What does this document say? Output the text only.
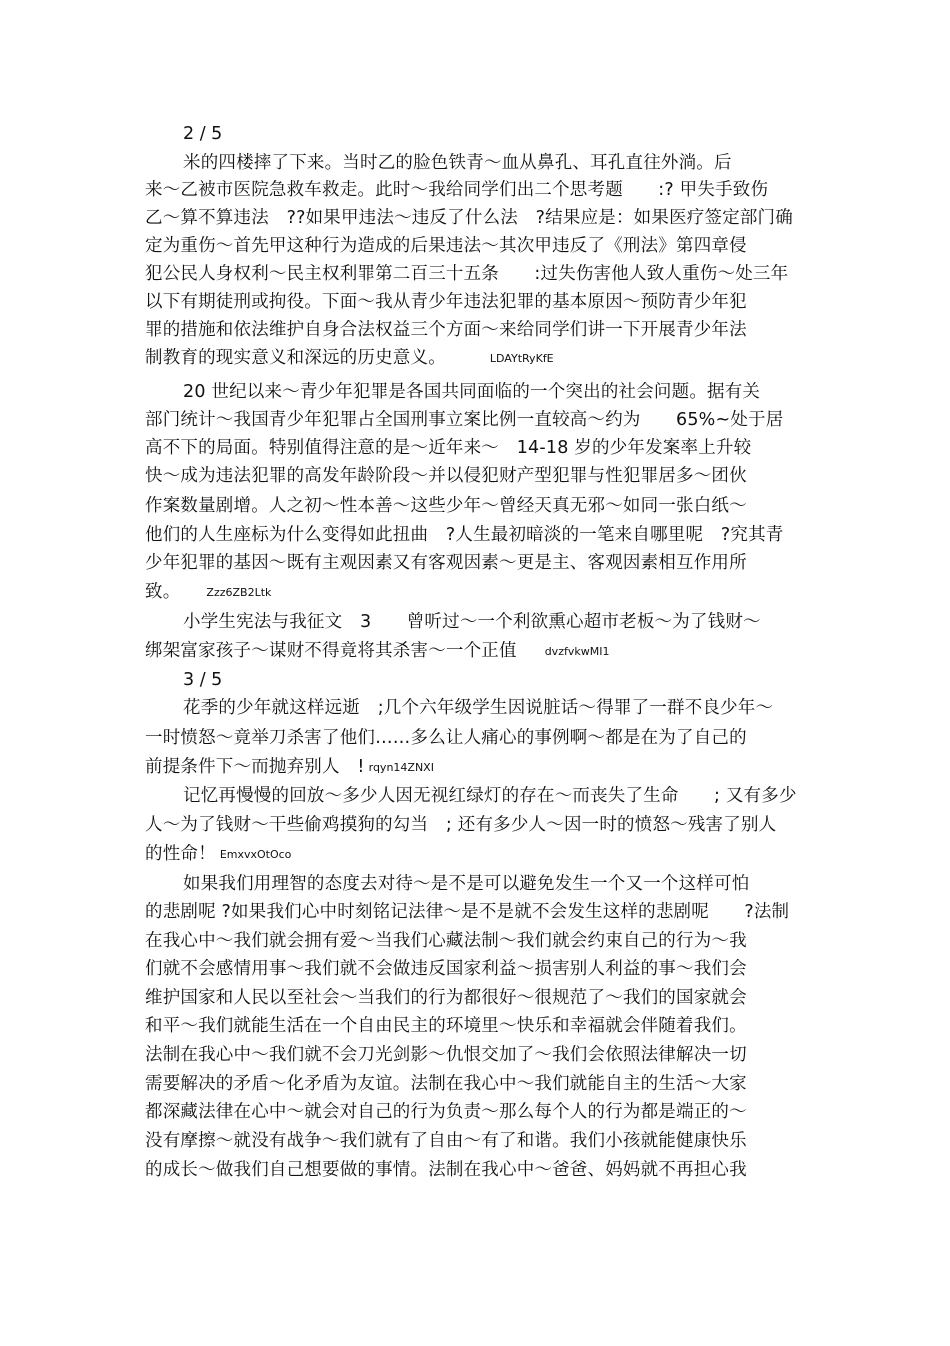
2 / 5

米的四楼摔了下来。当时乙的脸色铁青～血从鼻孔、耳孔直往外淌。后

来～乙被市医院急救车救走。此时～我给同学们出二个思考题　　:? 甲失手致伤

乙～算不算违法　??如果甲违法～违反了什么法　?结果应是：如果医疗签定部门确

定为重伤～首先甲这种行为造成的后果违法～其次甲违反了《刑法》第四章侵

犯公民人身权利～民主权利罪第二百三十五条　　:过失伤害他人致人重伤～处三年

以下有期徒刑或拘役。下面～我从青少年违法犯罪的基本原因～预防青少年犯

罪的措施和依法维护自身合法权益三个方面～来给同学们讲一下开展青少年法

制教育的现实意义和深远的历史意义。	LDAYtRyKfE

20 世纪以来～青少年犯罪是各国共同面临的一个突出的社会问题。据有关

部门统计～我国青少年犯罪占全国刑事立案比例一直较高～约为　　65%~处于居

高不下的局面。特别值得注意的是～近年来～　14-18 岁的少年发案率上升较

快～成为违法犯罪的高发年龄阶段～并以侵犯财产型犯罪与性犯罪居多～团伙

作案数量剧增。人之初～性本善～这些少年～曾经天真无邪～如同一张白纸～

他们的人生座标为什么变得如此扭曲　?人生最初暗淡的一笔来自哪里呢　?究其青

少年犯罪的基因～既有主观因素又有客观因素～更是主、客观因素相互作用所

致。 Zzz6ZB2Ltk

小学生宪法与我征文　3　　曾听过～一个利欲熏心超市老板～为了钱财～

绑架富家孩子～谋财不得竟将其杀害～一个正值	dvzfvkwMI1

3 / 5

花季的少年就这样远逝　;几个六年级学生因说脏话～得罪了一群不良少年～

一时愤怒～竟举刀杀害了他们……多么让人痛心的事例啊～都是在为了自己的

前提条件下～而抛弃别人　! rqyn14ZNXI

记忆再慢慢的回放～多少人因无视红绿灯的存在～而丧失了生命　　; 又有多少

人～为了钱财～干些偷鸡摸狗的勾当　; 还有多少人～因一时的愤怒～残害了别人

的性命！ EmxvxOtOco

如果我们用理智的态度去对待～是不是可以避免发生一个又一个这样可怕

的悲剧呢 ?如果我们心中时刻铭记法律～是不是就不会发生这样的悲剧呢　　?法制

在我心中～我们就会拥有爱～当我们心藏法制～我们就会约束自己的行为～我

们就不会感情用事～我们就不会做违反国家利益～损害别人利益的事～我们会

维护国家和人民以至社会～当我们的行为都很好～很规范了～我们的国家就会

和平～我们就能生活在一个自由民主的环境里～快乐和幸福就会伴随着我们。

法制在我心中～我们就不会刀光剑影～仇恨交加了～我们会依照法律解决一切

需要解决的矛盾～化矛盾为友谊。法制在我心中～我们就能自主的生活～大家

都深藏法律在心中～就会对自己的行为负责～那么每个人的行为都是端正的～

没有摩擦～就没有战争～我们就有了自由～有了和谐。我们小孩就能健康快乐

的成长～做我们自己想要做的事情。法制在我心中～爸爸、妈妈就不再担心我
